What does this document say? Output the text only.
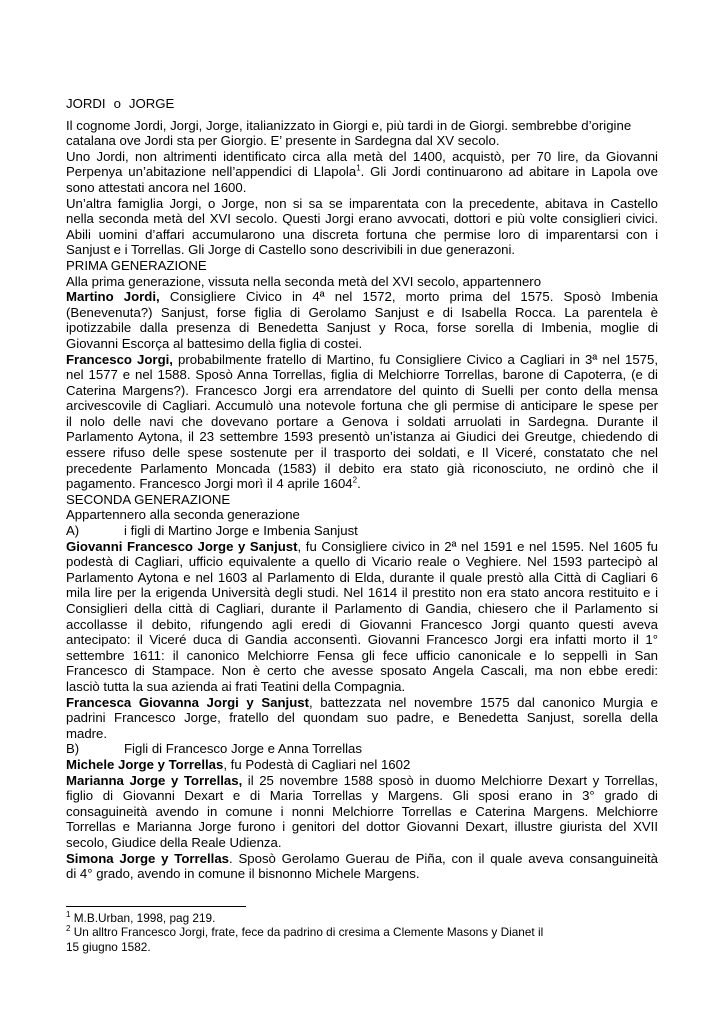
JORDI o JORGE
Il cognome Jordi, Jorgi, Jorge, italianizzato in Giorgi e, più tardi in de Giorgi. sembrebbe d’origine
catalana ove Jordi sta per Giorgio. E’ presente in Sardegna dal XV secolo.
Uno Jordi, non altrimenti identificato circa alla metà del 1400, acquistò, per 70 lire, da Giovanni
Perpenya un’abitazione nell’appendici di Llapola$^1$. Gli Jordi continuarono ad abitare in Lapola ove
sono attestati ancora nel 1600.
Un’altra famiglia Jorgi, o Jorge, non si sa se imparentata con la precedente, abitava in Castello
nella seconda metà del XVI secolo. Questi Jorgi erano avvocati, dottori e più volte consiglieri civici.
Abili uomini d’affari accumularono una discreta fortuna che permise loro di imparentarsi con i
Sanjust e i Torrellas. Gli Jorge di Castello sono descrivibili in due generazoni.
PRIMA GENERAZIONE
Alla prima generazione, vissuta nella seconda metà del XVI secolo, appartennero
Martino Jordi, Consigliere Civico in 4ª nel 1572, morto prima del 1575. Sposò Imbenia
(Benevenuta?) Sanjust, forse figlia di Gerolamo Sanjust e di Isabella Rocca. La parentela è
ipotizzabile dalla presenza di Benedetta Sanjust y Roca, forse sorella di Imbenia, moglie di
Giovanni Escorça al battesimo della figlia di costei.
Francesco Jorgi, probabilmente fratello di Martino, fu Consigliere Civico a Cagliari in 3ª nel 1575,
nel 1577 e nel 1588. Sposò Anna Torrellas, figlia di Melchiorre Torrellas, barone di Capoterra, (e di
Caterina Margens?). Francesco Jorgi era arrendatore del quinto di Suelli per conto della mensa
arcivescovile di Cagliari. Accumulò una notevole fortuna che gli permise di anticipare le spese per
il nolo delle navi che dovevano portare a Genova i soldati arruolati in Sardegna. Durante il
Parlamento Aytona, il 23 settembre 1593 presentò un’istanza ai Giudici dei Greutge, chiedendo di
essere rifuso delle spese sostenute per il trasporto dei soldati, e Il Viceré, constatato che nel
precedente Parlamento Moncada (1583) il debito era stato già riconosciuto, ne ordinò che il
pagamento. Francesco Jorgi morì il 4 aprile 1604$^2$.
SECONDA GENERAZIONE
Appartennero alla seconda generazione
A)	i figli di Martino Jorge e Imbenia Sanjust
Giovanni Francesco Jorge y Sanjust, fu Consigliere civico in 2ª nel 1591 e nel 1595. Nel 1605 fu
podestà di Cagliari, ufficio equivalente a quello di Vicario reale o Veghiere. Nel 1593 partecipò al
Parlamento Aytona e nel 1603 al Parlamento di Elda, durante il quale prestò alla Città di Cagliari 6
mila lire per la erigenda Università degli studi. Nel 1614 il prestito non era stato ancora restituito e i
Consiglieri della città di Cagliari, durante il Parlamento di Gandia, chiesero che il Parlamento si
accollasse il debito, rifungendo agli eredi di Giovanni Francesco Jorgi quanto questi aveva
antecipato: il Viceré duca di Gandia acconsentì. Giovanni Francesco Jorgi era infatti morto il 1°
settembre 1611: il canonico Melchiorre Fensa gli fece ufficio canonicale e lo seppellì in San
Francesco di Stampace. Non è certo che avesse sposato Angela Cascali, ma non ebbe eredi:
lasciò tutta la sua azienda ai frati Teatini della Compagnia.
Francesca Giovanna Jorgi y Sanjust, battezzata nel novembre 1575 dal canonico Murgia e
padrini Francesco Jorge, fratello del quondam suo padre, e Benedetta Sanjust, sorella della
madre.
B)	Figli di Francesco Jorge e Anna Torrellas
Michele Jorge y Torrellas, fu Podestà di Cagliari nel 1602
Marianna Jorge y Torrellas, il 25 novembre 1588 sposò in duomo Melchiorre Dexart y Torrellas,
figlio di Giovanni Dexart e di Maria Torrellas y Margens. Gli sposi erano in 3° grado di
consaguineità avendo in comune i nonni Melchiorre Torrellas e Caterina Margens. Melchiorre
Torrellas e Marianna Jorge furono i genitori del dottor Giovanni Dexart, illustre giurista del XVII
secolo, Giudice della Reale Udienza.
Simona Jorge y Torrellas. Sposò Gerolamo Guerau de Piña, con il quale aveva consanguineità
di 4° grado, avendo in comune il bisnonno Michele Margens.
$^1$ M.B.Urban, 1998, pag 219.
$^2$ Un alltro Francesco Jorgi, frate, fece da padrino di cresima a Clemente Masons y Dianet il
15 giugno 1582.
